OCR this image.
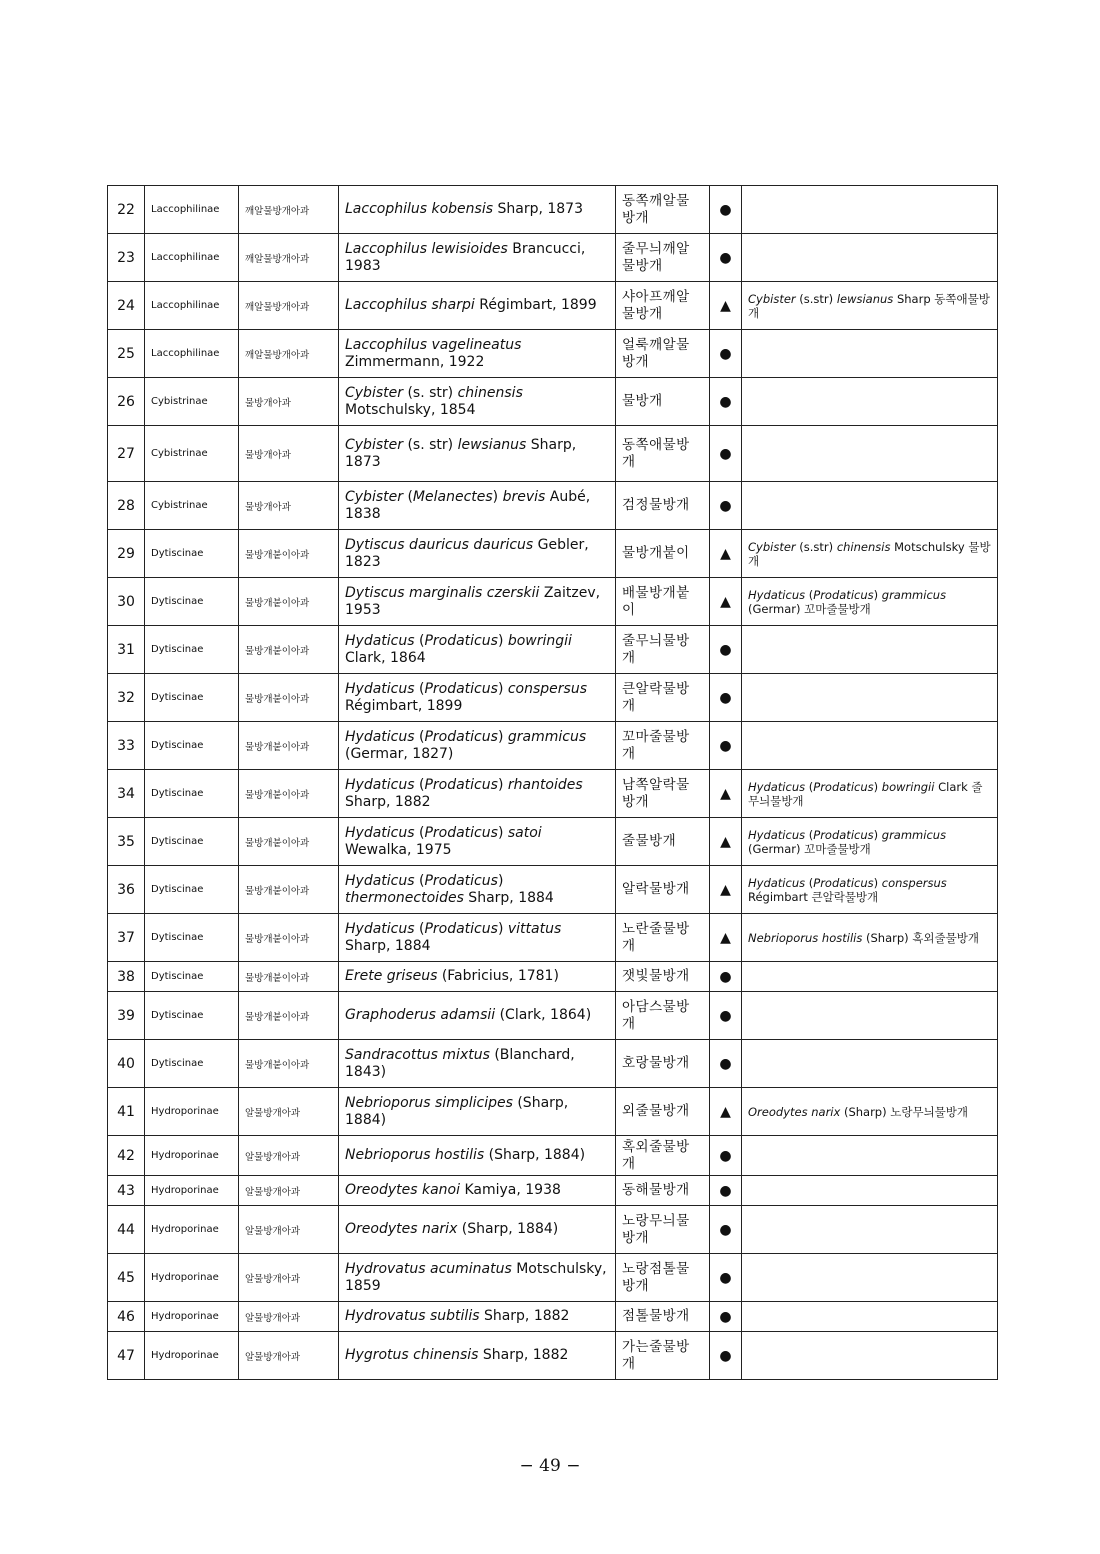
22	Laccophilinae	깨알물방개아과	Laccophilus kobensis Sharp, 1873	동쪽깨알물방개	●	
23	Laccophilinae	깨알물방개아과	Laccophilus lewisioides Brancucci, 1983	줄무늬깨알물방개	●	
24	Laccophilinae	깨알물방개아과	Laccophilus sharpi Régimbart, 1899	샤아프깨알물방개	▲	Cybister (s.str) lewsianus Sharp 동쪽애물방개
25	Laccophilinae	깨알물방개아과	Laccophilus vagelineatus Zimmermann, 1922	얼룩깨알물방개	●	
26	Cybistrinae	물방개아과	Cybister (s. str) chinensis Motschulsky, 1854	물방개	●	
27	Cybistrinae	물방개아과	Cybister (s. str) lewsianus Sharp, 1873	동쪽애물방개	●	
28	Cybistrinae	물방개아과	Cybister (Melanectes) brevis Aubé, 1838	검정물방개	●	
29	Dytiscinae	물방개붙이아과	Dytiscus dauricus dauricus Gebler, 1823	물방개붙이	▲	Cybister (s.str) chinensis Motschulsky 물방개
30	Dytiscinae	물방개붙이아과	Dytiscus marginalis czerskii Zaitzev, 1953	배물방개붙이	▲	Hydaticus (Prodaticus) grammicus (Germar) 꼬마줄물방개
31	Dytiscinae	물방개붙이아과	Hydaticus (Prodaticus) bowringii Clark, 1864	줄무늬물방개	●	
32	Dytiscinae	물방개붙이아과	Hydaticus (Prodaticus) conspersus Régimbart, 1899	큰알락물방개	●	
33	Dytiscinae	물방개붙이아과	Hydaticus (Prodaticus) grammicus (Germar, 1827)	꼬마줄물방개	●	
34	Dytiscinae	물방개붙이아과	Hydaticus (Prodaticus) rhantoides Sharp, 1882	남쪽알락물방개	▲	Hydaticus (Prodaticus) bowringii Clark 줄무늬물방개
35	Dytiscinae	물방개붙이아과	Hydaticus (Prodaticus) satoi Wewalka, 1975	줄물방개	▲	Hydaticus (Prodaticus) grammicus (Germar) 꼬마줄물방개
36	Dytiscinae	물방개붙이아과	Hydaticus (Prodaticus) thermonectoides Sharp, 1884	알락물방개	▲	Hydaticus (Prodaticus) conspersus Régimbart 큰알락물방개
37	Dytiscinae	물방개붙이아과	Hydaticus (Prodaticus) vittatus Sharp, 1884	노란줄물방개	▲	Nebrioporus hostilis (Sharp) 혹외줄물방개
38	Dytiscinae	물방개붙이아과	Erete griseus (Fabricius, 1781)	잿빛물방개	●	
39	Dytiscinae	물방개붙이아과	Graphoderus adamsii (Clark, 1864)	아담스물방개	●	
40	Dytiscinae	물방개붙이아과	Sandracottus mixtus (Blanchard, 1843)	호랑물방개	●	
41	Hydroporinae	알물방개아과	Nebrioporus simplicipes (Sharp, 1884)	외줄물방개	▲	Oreodytes narix (Sharp) 노랑무늬물방개
42	Hydroporinae	알물방개아과	Nebrioporus hostilis (Sharp, 1884)	혹외줄물방개	●	
43	Hydroporinae	알물방개아과	Oreodytes kanoi Kamiya, 1938	동해물방개	●	
44	Hydroporinae	알물방개아과	Oreodytes narix (Sharp, 1884)	노랑무늬물방개	●	
45	Hydroporinae	알물방개아과	Hydrovatus acuminatus Motschulsky, 1859	노랑점톨물방개	●	
46	Hydroporinae	알물방개아과	Hydrovatus subtilis Sharp, 1882	점톨물방개	●	
47	Hydroporinae	알물방개아과	Hygrotus chinensis Sharp, 1882	가는줄물방개	●	
− 49 −
